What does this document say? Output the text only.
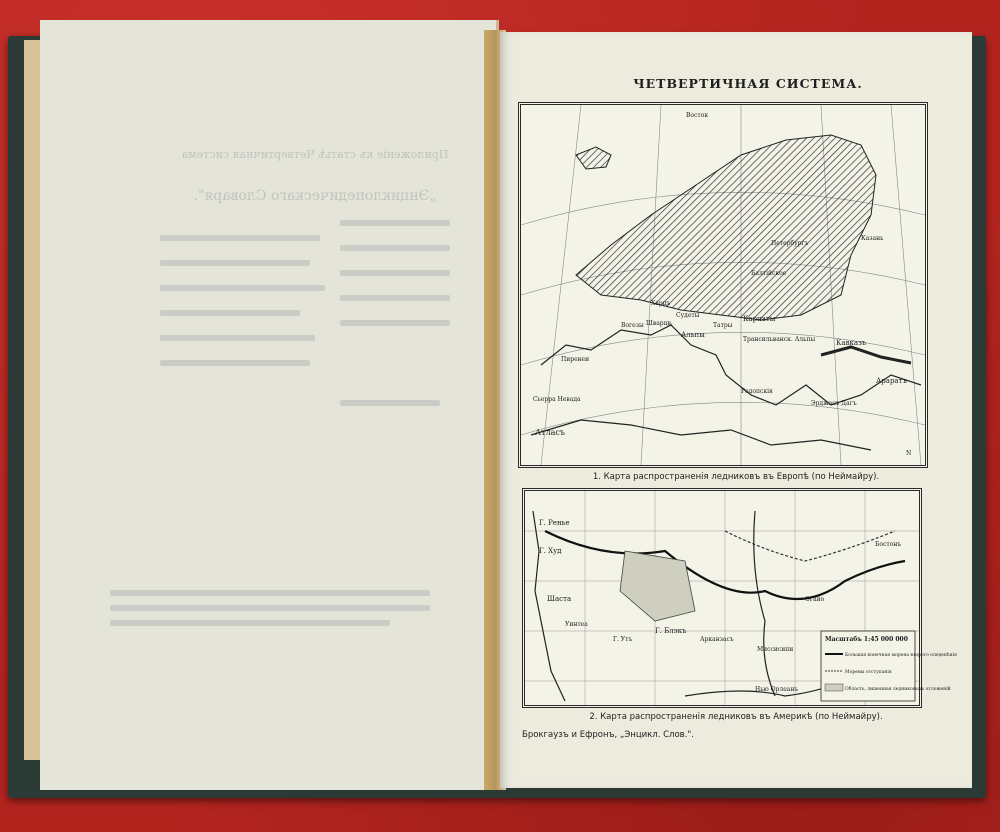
Приложеніе къ статьѣ Четвертичная система
„Энциклопедическаго Словаря".
ЧЕТВЕРТИЧНАЯ СИСТЕМА.
Восток
Атласъ
Сьерра Невада
Пиренеи
Альпы
Карпаты
Трансильванск. Альпы
Родопскія
Эрджасъ Дагъ
Араратъ
Кавказъ
Татры
Судеты
Харцъ
Вогезы Шварцв.
Балтійское
Петербургъ
Казань
N
1. Карта распространенія ледниковъ въ Европѣ (по Неймайру).
Г. Ренье
Г. Худ
Шаста
Г. Утъ
Уинтеа
Г. Блэкъ
Арканзасъ
Миссисипи
Нью Орлеанъ
Огайо
Бостонъ
Масштабъ 1:45 000 000
Большая конечная морена второго оледенѣнія
Морены отступанія
Область, лишенная ледниковыхъ отложеній
2. Карта распространенія ледниковъ въ Америкѣ (по Неймайру).
Брокгаузъ и Ефронъ, „Энцикл. Слов.".
